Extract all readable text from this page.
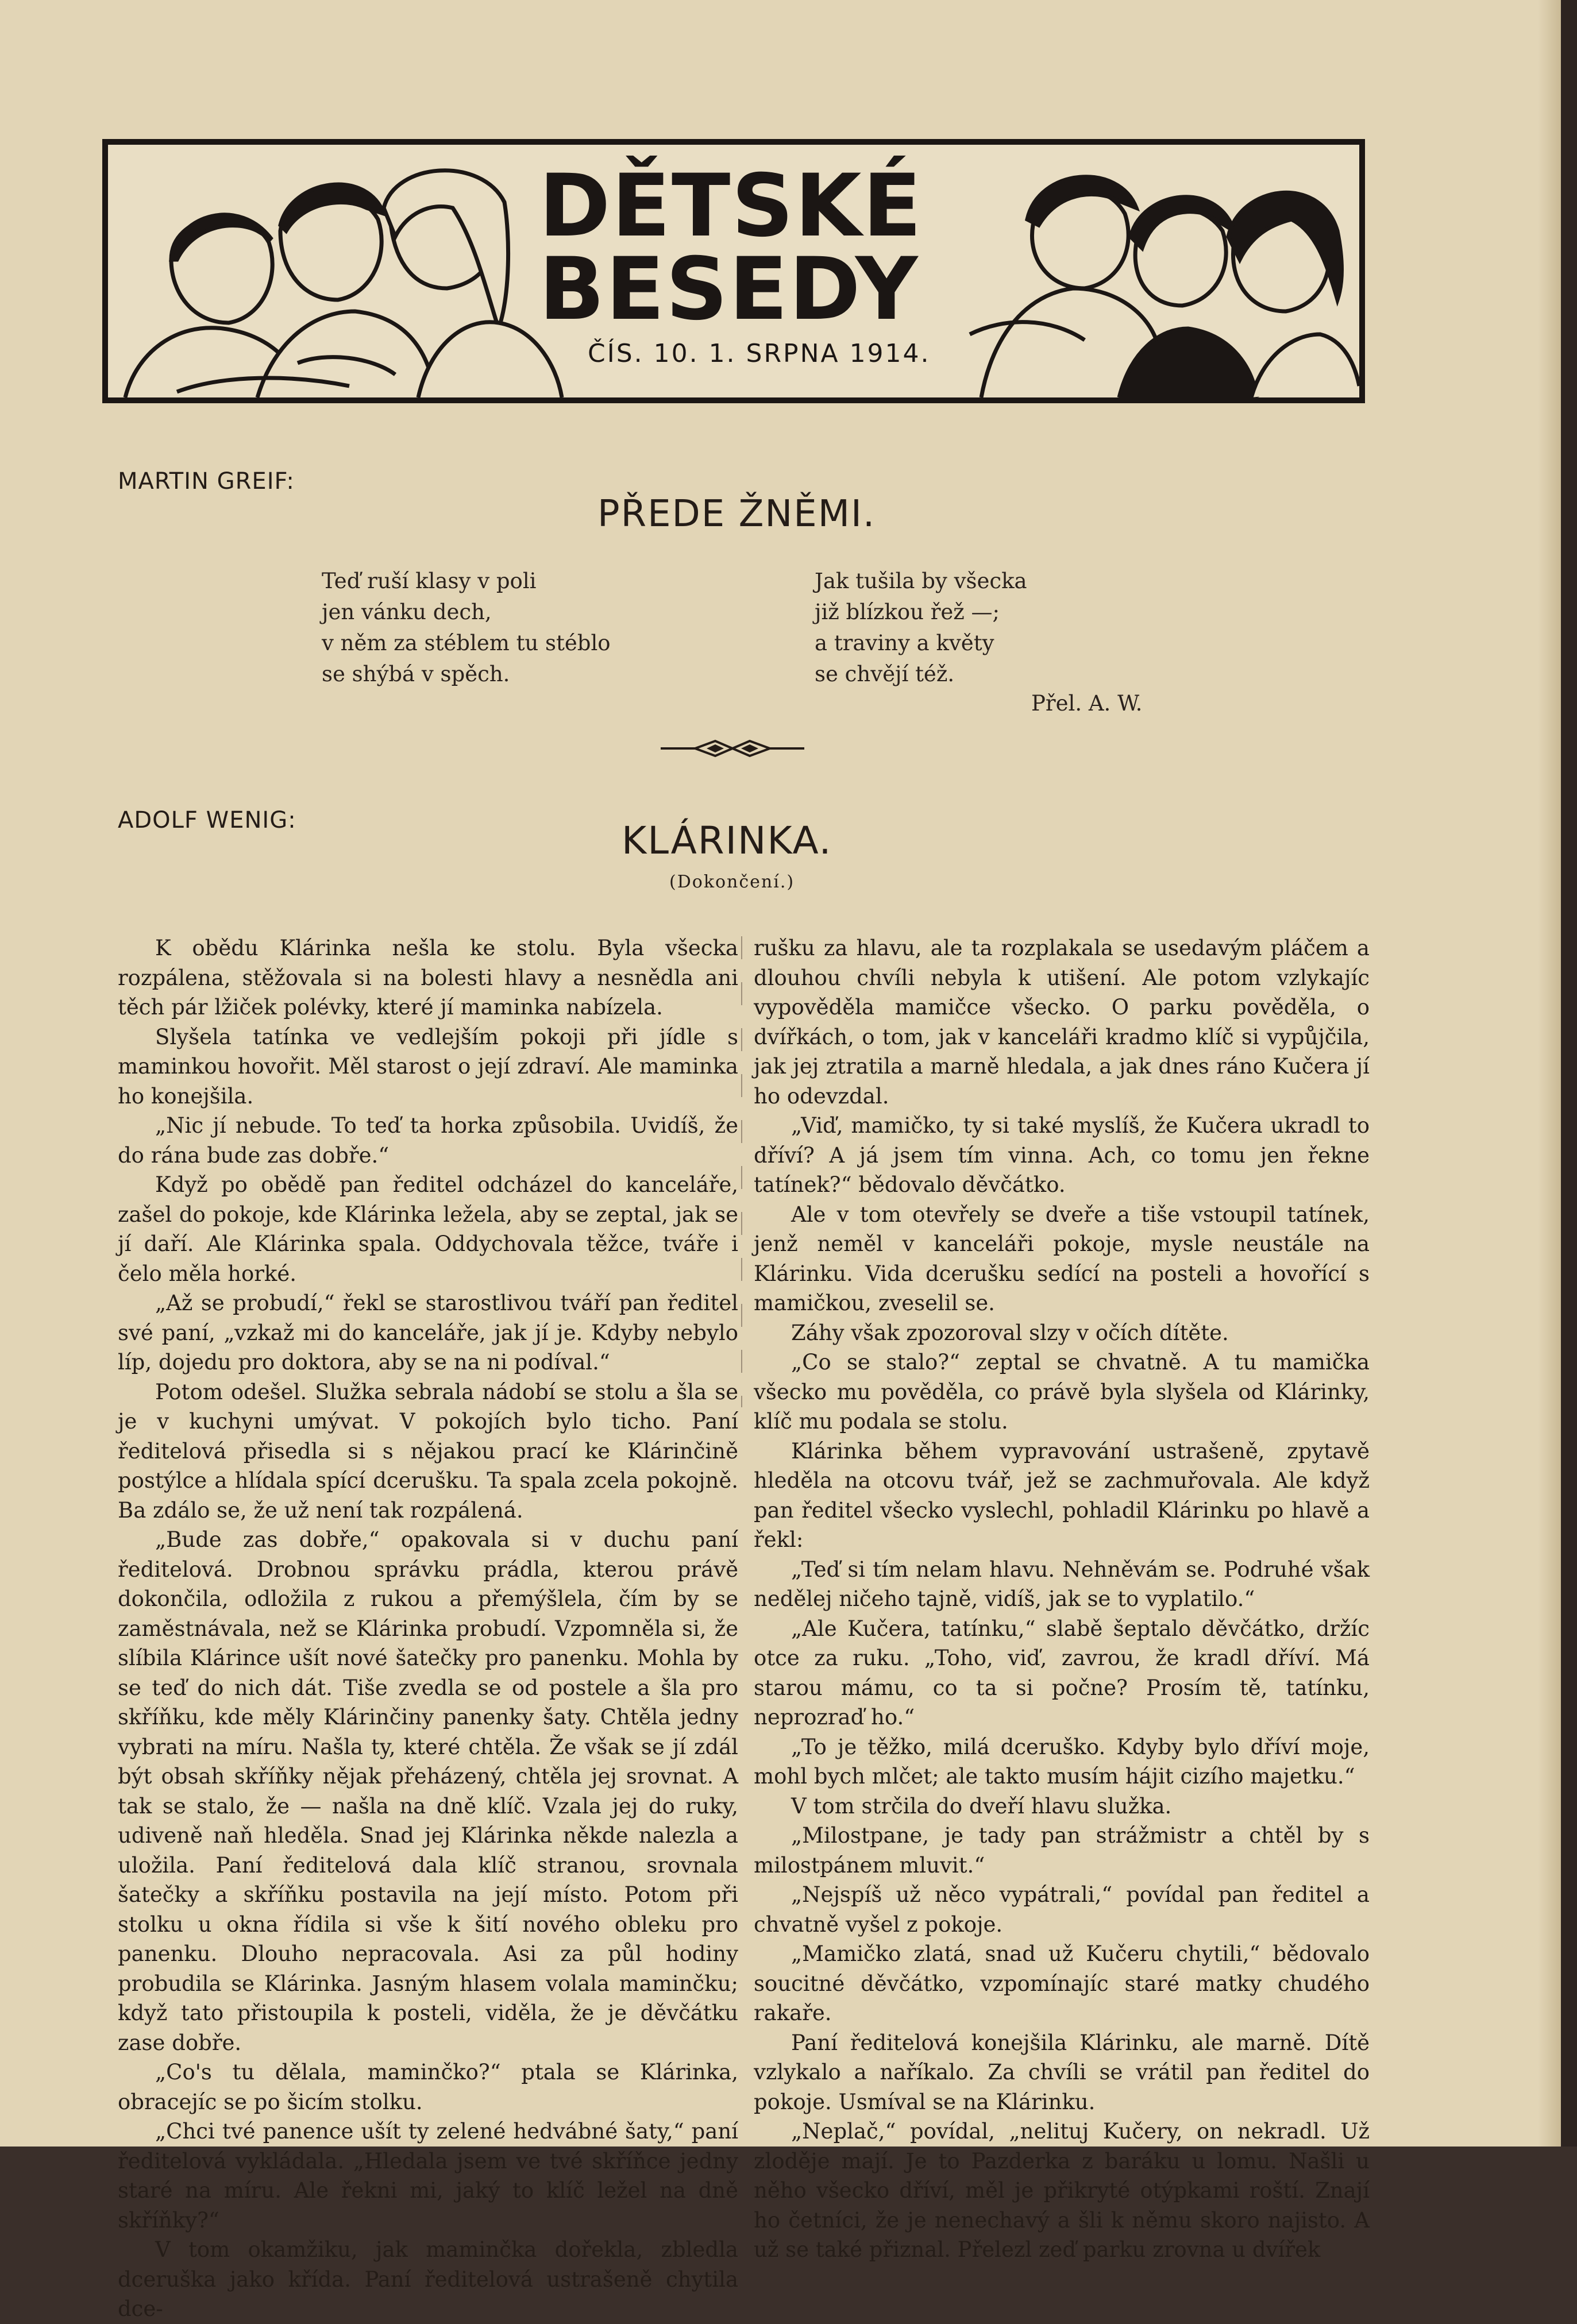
DĚTSKÉ
BESEDY
ČÍS. 10. 1. SRPNA 1914.
MARTIN GREIF:
PŘEDE ŽNĚMI.
Teď ruší klasy v poli
jen vánku dech,
v něm za stéblem tu stéblo
se shýbá v spěch.
Jak tušila by všecka
již blízkou řež —;
a traviny a květy
se chvějí též.
Přel. A. W.
ADOLF WENIG:	KLÁRINKA.
(Dokončení.)

K obědu Klárinka nešla ke stolu. Byla všecka rozpálena, stěžovala si na bolesti hlavy a nesnědla ani těch pár lžiček polévky, které jí maminka nabízela.

Slyšela tatínka ve vedlejším pokoji při jídle s maminkou hovořit. Měl starost o její zdraví. Ale maminka ho konejšila.

„Nic jí nebude. To teď ta horka způsobila. Uvidíš, že do rána bude zas dobře.“

Když po obědě pan ředitel odcházel do kanceláře, zašel do pokoje, kde Klárinka ležela, aby se zeptal, jak se jí daří. Ale Klárinka spala. Oddychovala těžce, tváře i čelo měla horké.

„Až se probudí,“ řekl se starostlivou tváří pan ředitel své paní, „vzkaž mi do kanceláře, jak jí je. Kdyby nebylo líp, dojedu pro doktora, aby se na ni podíval.“

Potom odešel. Služka sebrala nádobí se stolu a šla se je v kuchyni umývat. V pokojích bylo ticho. Paní ředitelová přisedla si s nějakou prací ke Klárinčině postýlce a hlídala spící dcerušku. Ta spala zcela pokojně. Ba zdálo se, že už není tak rozpálená.

„Bude zas dobře,“ opakovala si v duchu paní ředitelová. Drobnou správku prádla, kterou právě dokončila, odložila z rukou a přemýšlela, čím by se zaměstnávala, než se Klárinka probudí. Vzpomněla si, že slíbila Klárince ušít nové šatečky pro panenku. Mohla by se teď do nich dát. Tiše zvedla se od postele a šla pro skříňku, kde měly Klárinčiny panenky šaty. Chtěla jedny vybrati na míru. Našla ty, které chtěla. Že však se jí zdál být obsah skříňky nějak přeházený, chtěla jej srovnat. A tak se stalo, že — našla na dně klíč. Vzala jej do ruky, udiveně naň hleděla. Snad jej Klárinka někde nalezla a uložila. Paní ředitelová dala klíč stranou, srovnala šatečky a skříňku postavila na její místo. Potom při stolku u okna řídila si vše k šití nového obleku pro panenku. Dlouho nepracovala. Asi za půl hodiny probudila se Klárinka. Jasným hlasem volala maminčku; když tato přistoupila k posteli, viděla, že je děvčátku zase dobře.

„Co's tu dělala, maminčko?“ ptala se Klárinka, obracejíc se po šicím stolku.

„Chci tvé panence ušít ty zelené hedvábné šaty,“ paní ředitelová vykládala. „Hledala jsem ve tvé skříňce jedny staré na míru. Ale řekni mi, jaký to klíč ležel na dně skříňky?“

V tom okamžiku, jak maminčka dořekla, zbledla dceruška jako křída. Paní ředitelová ustrašeně chytila dce-

rušku za hlavu, ale ta rozplakala se usedavým pláčem a dlouhou chvíli nebyla k utišení. Ale potom vzlykajíc vypověděla mamičce všecko. O parku pověděla, o dvířkách, o tom, jak v kanceláři kradmo klíč si vypůjčila, jak jej ztratila a marně hledala, a jak dnes ráno Kučera jí ho odevzdal.

„Viď, mamičko, ty si také myslíš, že Kučera ukradl to dříví? A já jsem tím vinna. Ach, co tomu jen řekne tatínek?“ bědovalo děvčátko.

Ale v tom otevřely se dveře a tiše vstoupil tatínek, jenž neměl v kanceláři pokoje, mysle neustále na Klárinku. Vida dcerušku sedící na posteli a hovořící s mamičkou, zveselil se.

Záhy však zpozoroval slzy v očích dítěte.

„Co se stalo?“ zeptal se chvatně. A tu mamička všecko mu pověděla, co právě byla slyšela od Klárinky, klíč mu podala se stolu.

Klárinka během vypravování ustrašeně, zpytavě hleděla na otcovu tvář, jež se zachmuřovala. Ale když pan ředitel všecko vyslechl, pohladil Klárinku po hlavě a řekl:

„Teď si tím nelam hlavu. Nehněvám se. Podruhé však nedělej ničeho tajně, vidíš, jak se to vyplatilo.“

„Ale Kučera, tatínku,“ slabě šeptalo děvčátko, držíc otce za ruku. „Toho, viď, zavrou, že kradl dříví. Má starou mámu, co ta si počne? Prosím tě, tatínku, neprozraď ho.“

„To je těžko, milá dceruško. Kdyby bylo dříví moje, mohl bych mlčet; ale takto musím hájit cizího majetku.“

V tom strčila do dveří hlavu služka.

„Milostpane, je tady pan strážmistr a chtěl by s milostpánem mluvit.“

„Nejspíš už něco vypátrali,“ povídal pan ředitel a chvatně vyšel z pokoje.

„Mamičko zlatá, snad už Kučeru chytili,“ bědovalo soucitné děvčátko, vzpomínajíc staré matky chudého rakaře.

Paní ředitelová konejšila Klárinku, ale marně. Dítě vzlykalo a naříkalo. Za chvíli se vrátil pan ředitel do pokoje. Usmíval se na Klárinku.

„Neplač,“ povídal, „nelituj Kučery, on nekradl. Už zloděje mají. Je to Pazderka z baráku u lomu. Našli u něho všecko dříví, měl je přikryté otýpkami roští. Znají ho četníci, že je nenechavý a šli k němu skoro najisto. A už se také přiznal. Přelezl zeď parku zrovna u dvířek
